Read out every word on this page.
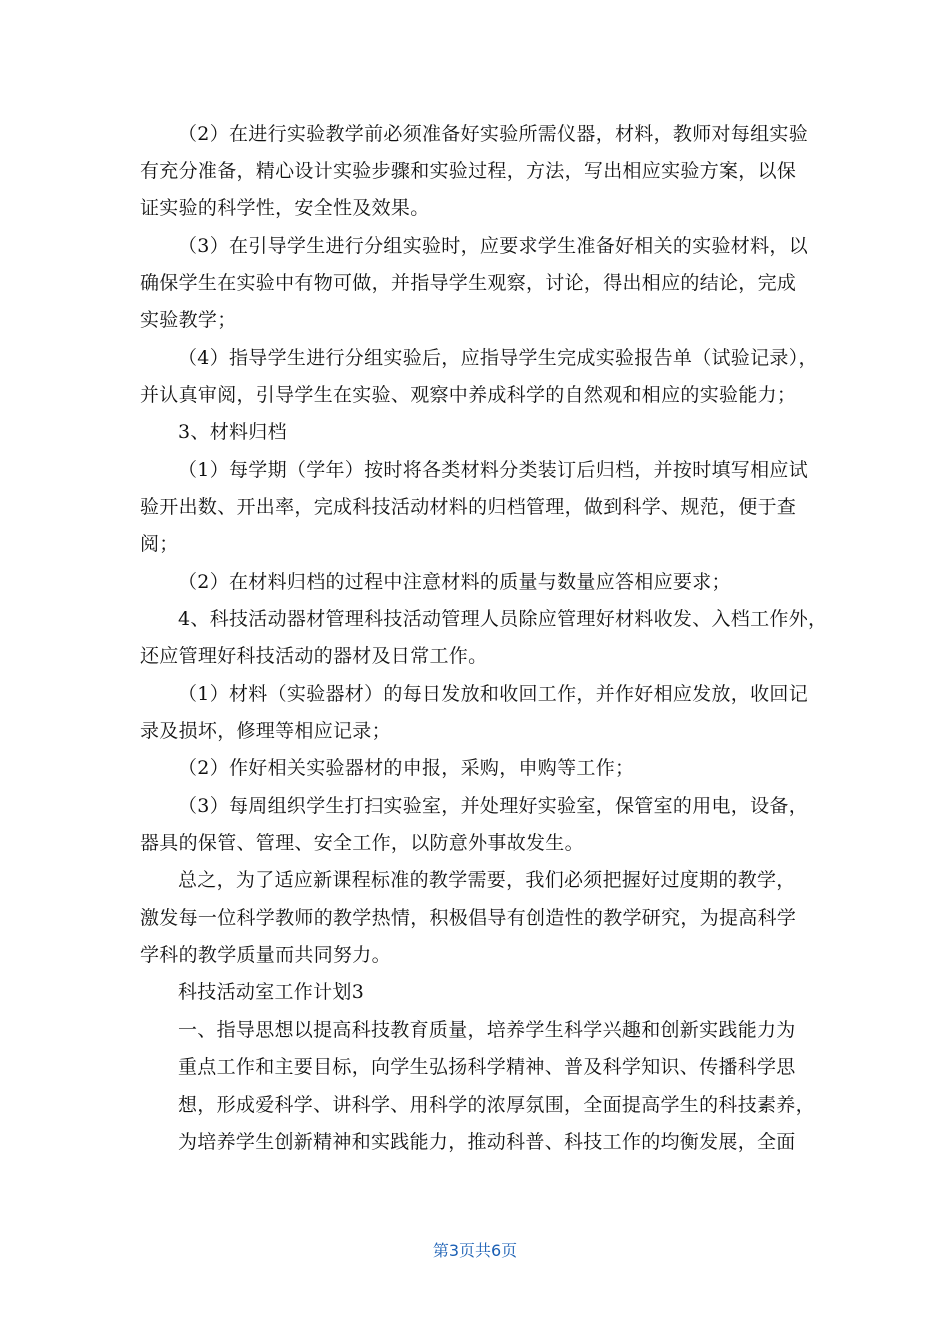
（2）在进行实验教学前必须准备好实验所需仪器，材料，教师对每组实验
有充分准备，精心设计实验步骤和实验过程，方法，写出相应实验方案，以保
证实验的科学性，安全性及效果。
（3）在引导学生进行分组实验时，应要求学生准备好相关的实验材料，以
确保学生在实验中有物可做，并指导学生观察，讨论，得出相应的结论，完成
实验教学；
（4）指导学生进行分组实验后，应指导学生完成实验报告单（试验记录），
并认真审阅，引导学生在实验、观察中养成科学的自然观和相应的实验能力；
3、材料归档
（1）每学期（学年）按时将各类材料分类装订后归档，并按时填写相应试
验开出数、开出率，完成科技活动材料的归档管理，做到科学、规范，便于查
阅；
（2）在材料归档的过程中注意材料的质量与数量应答相应要求；
4、科技活动器材管理科技活动管理人员除应管理好材料收发、入档工作外，
还应管理好科技活动的器材及日常工作。
（1）材料（实验器材）的每日发放和收回工作，并作好相应发放，收回记
录及损坏，修理等相应记录；
（2）作好相关实验器材的申报，采购，申购等工作；
（3）每周组织学生打扫实验室，并处理好实验室，保管室的用电，设备，
器具的保管、管理、安全工作，以防意外事故发生。
总之，为了适应新课程标准的教学需要，我们必须把握好过度期的教学，
激发每一位科学教师的教学热情，积极倡导有创造性的教学研究，为提高科学
学科的教学质量而共同努力。
科技活动室工作计划3
一、指导思想以提高科技教育质量，培养学生科学兴趣和创新实践能力为
重点工作和主要目标，向学生弘扬科学精神、普及科学知识、传播科学思
想，形成爱科学、讲科学、用科学的浓厚氛围，全面提高学生的科技素养，
为培养学生创新精神和实践能力，推动科普、科技工作的均衡发展，全面
第3页共6页
